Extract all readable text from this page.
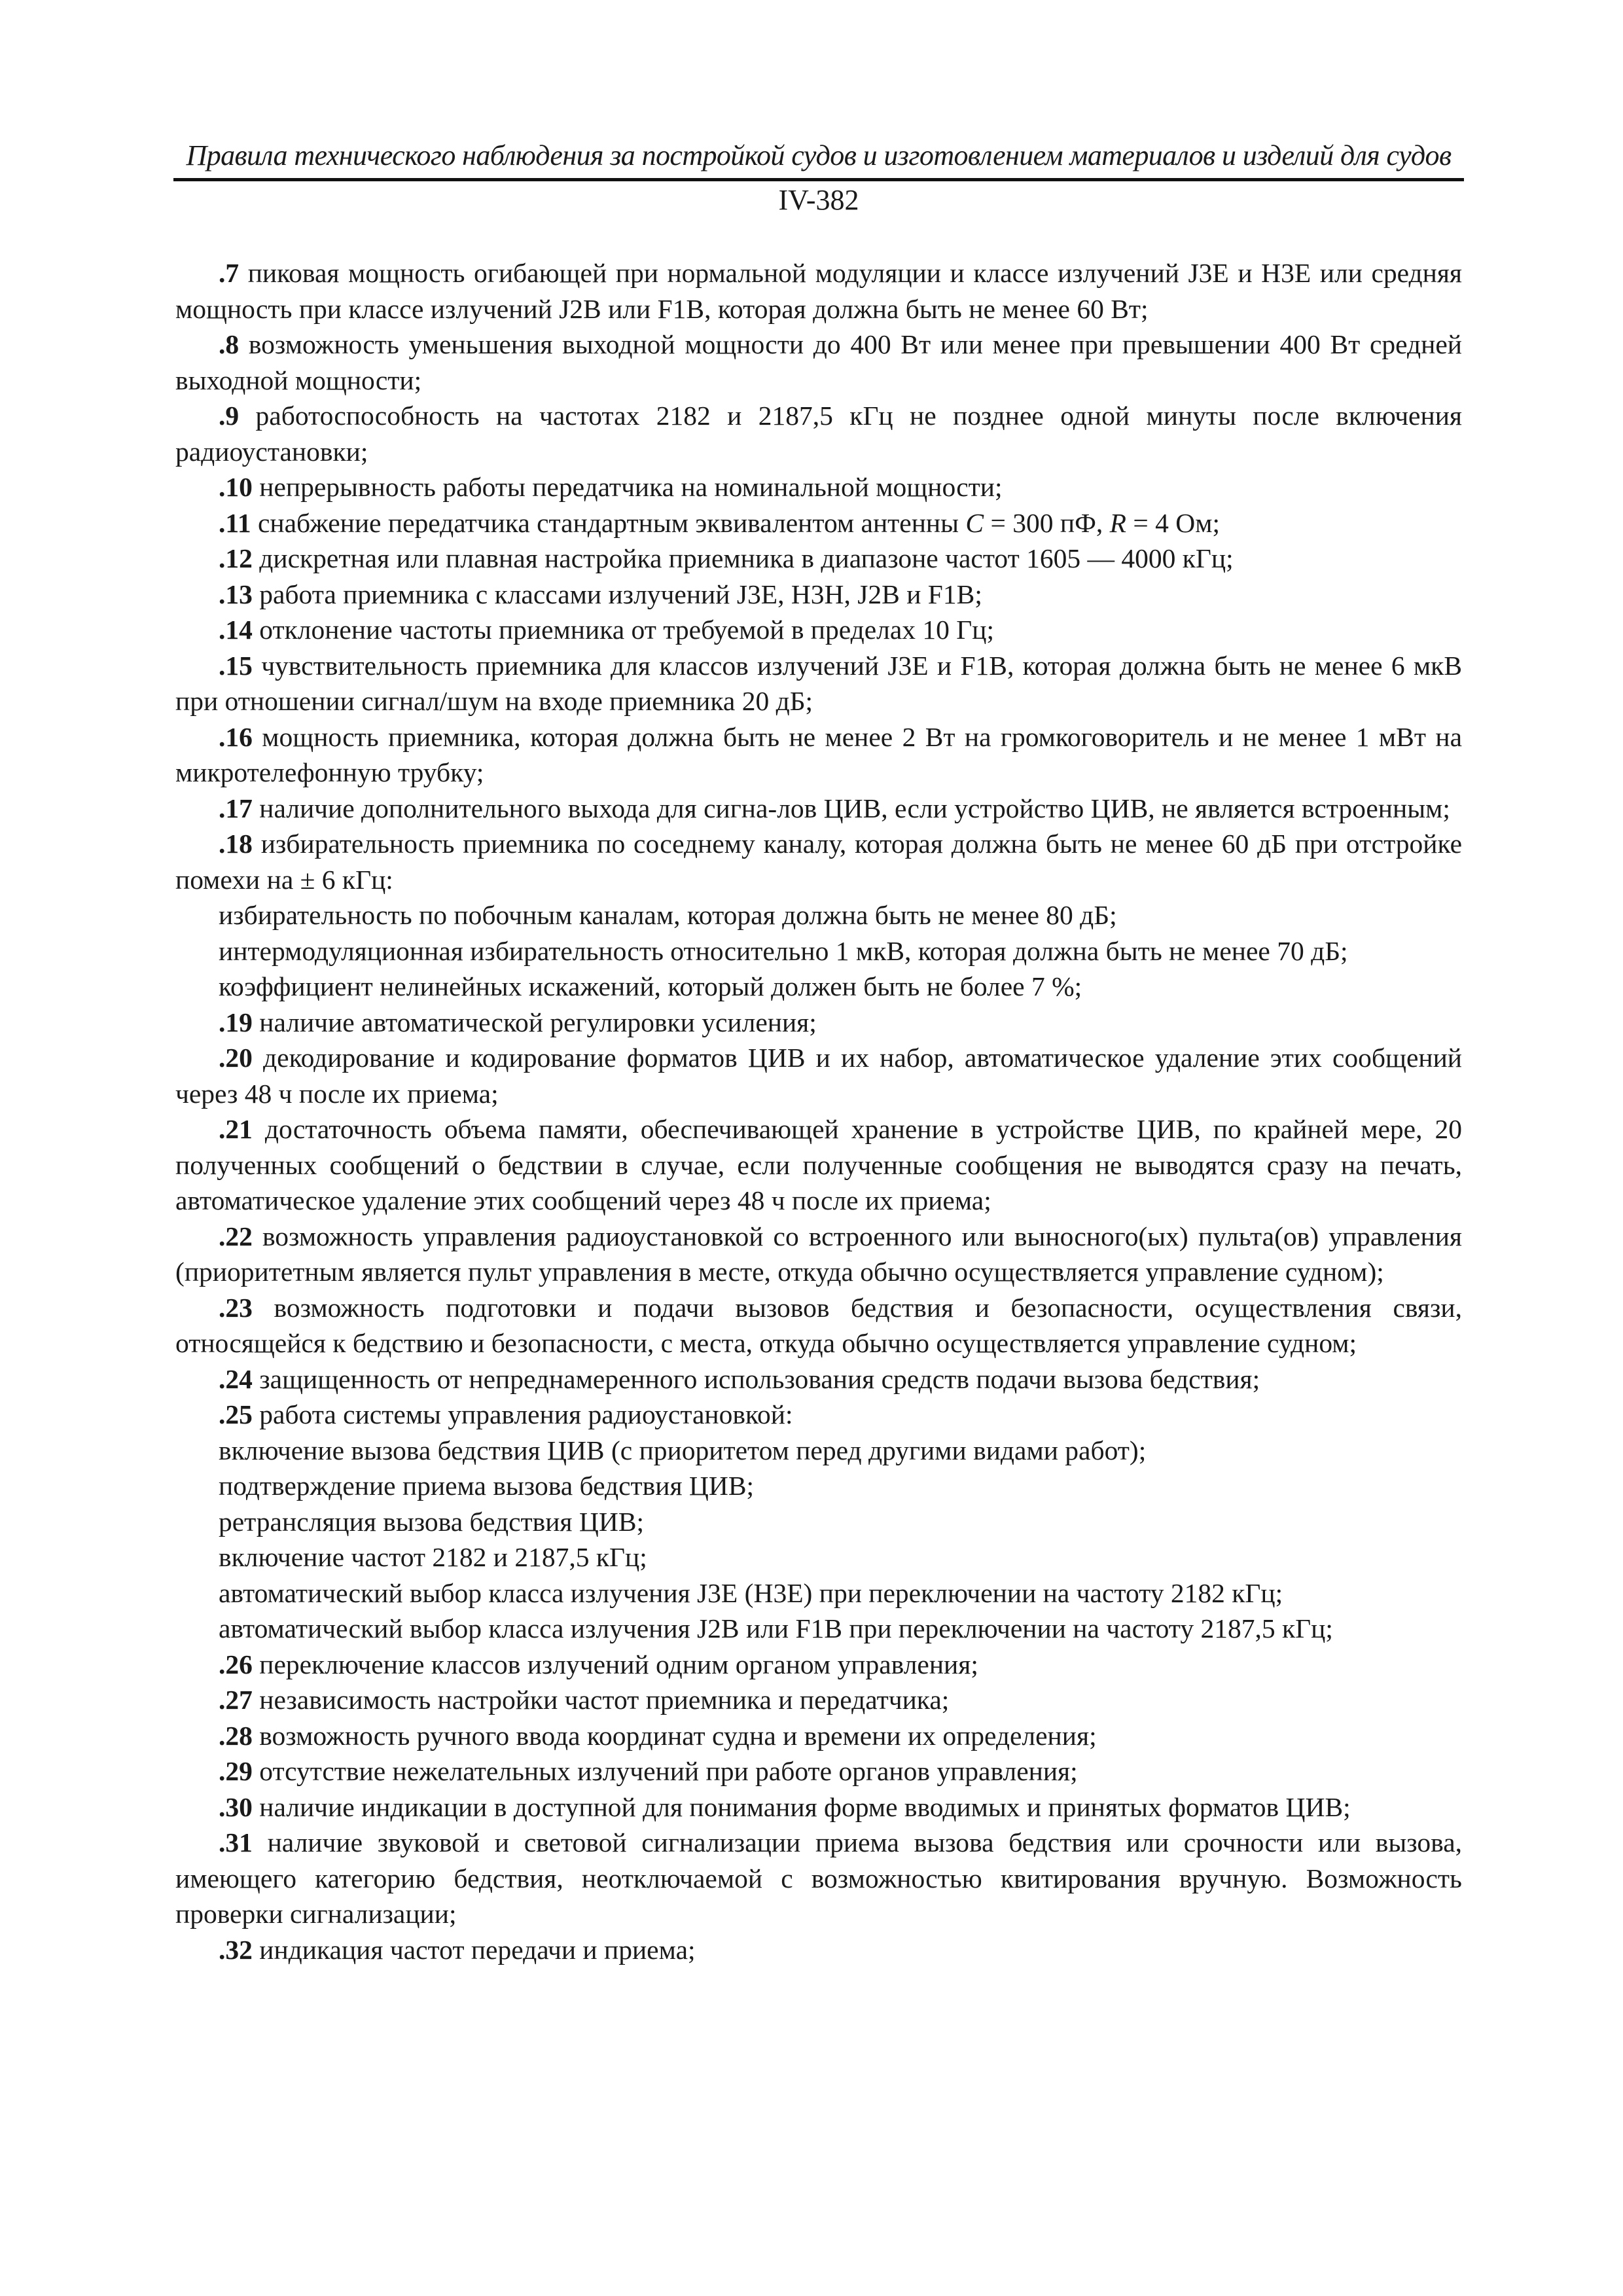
Правила технического наблюдения за постройкой судов и изготовлением материалов и изделий для судов
IV-382

.7 пиковая мощность огибающей при нормальной модуляции и классе излучений J3E и H3E или средняя мощность при классе излучений J2B или F1B, которая должна быть не менее 60 Вт;

.8 возможность уменьшения выходной мощности до 400 Вт или менее при превышении 400 Вт средней выходной мощности;

.9 работоспособность на частотах 2182 и 2187,5 кГц не позднее одной минуты после включения радиоустановки;

.10 непрерывность работы передатчика на номинальной мощности;

.11 снабжение передатчика стандартным эквивалентом антенны C = 300 пФ, R = 4 Ом;

.12 дискретная или плавная настройка приемника в диапазоне частот 1605 — 4000 кГц;

.13 работа приемника с классами излучений J3E, H3H, J2B и F1B;

.14 отклонение частоты приемника от требуемой в пределах 10 Гц;

.15 чувствительность приемника для классов излучений J3E и F1B, которая должна быть не менее 6 мкВ при отношении сигнал/шум на входе приемника 20 дБ;

.16 мощность приемника, которая должна быть не менее 2 Вт на громкоговоритель и не менее 1 мВт на микротелефонную трубку;

.17 наличие дополнительного выхода для сигна-лов ЦИВ, если устройство ЦИВ, не является встроенным;

.18 избирательность приемника по соседнему каналу, которая должна быть не менее 60 дБ при отстройке помехи на ± 6 кГц:

избирательность по побочным каналам, которая должна быть не менее 80 дБ;

интермодуляционная избирательность относительно 1 мкВ, которая должна быть не менее 70 дБ;

коэффициент нелинейных искажений, который должен быть не более 7 %;

.19 наличие автоматической регулировки усиления;

.20 декодирование и кодирование форматов ЦИВ и их набор, автоматическое удаление этих сообщений через 48 ч после их приема;

.21 достаточность объема памяти, обеспечивающей хранение в устройстве ЦИВ, по крайней мере, 20 полученных сообщений о бедствии в случае, если полученные сообщения не выводятся сразу на печать, автоматическое удаление этих сообщений через 48 ч после их приема;

.22 возможность управления радиоустановкой со встроенного или выносного(ых) пульта(ов) управления (приоритетным является пульт управления в месте, откуда обычно осуществляется управление судном);

.23 возможность подготовки и подачи вызовов бедствия и безопасности, осуществления связи, относящейся к бедствию и безопасности, с места, откуда обычно осуществляется управление судном;

.24 защищенность от непреднамеренного использования средств подачи вызова бедствия;

.25 работа системы управления радиоустановкой:

включение вызова бедствия ЦИВ (с приоритетом перед другими видами работ);

подтверждение приема вызова бедствия ЦИВ;

ретрансляция вызова бедствия ЦИВ;

включение частот 2182 и 2187,5 кГц;

автоматический выбор класса излучения J3E (H3E) при переключении на частоту 2182 кГц;

автоматический выбор класса излучения J2B или F1B при переключении на частоту 2187,5 кГц;

.26 переключение классов излучений одним органом управления;

.27 независимость настройки частот приемника и передатчика;

.28 возможность ручного ввода координат судна и времени их определения;

.29 отсутствие нежелательных излучений при работе органов управления;

.30 наличие индикации в доступной для понимания форме вводимых и принятых форматов ЦИВ;

.31 наличие звуковой и световой сигнализации приема вызова бедствия или срочности или вызова, имеющего категорию бедствия, неотключаемой с возможностью квитирования вручную. Возможность проверки сигнализации;

.32 индикация частот передачи и приема;
